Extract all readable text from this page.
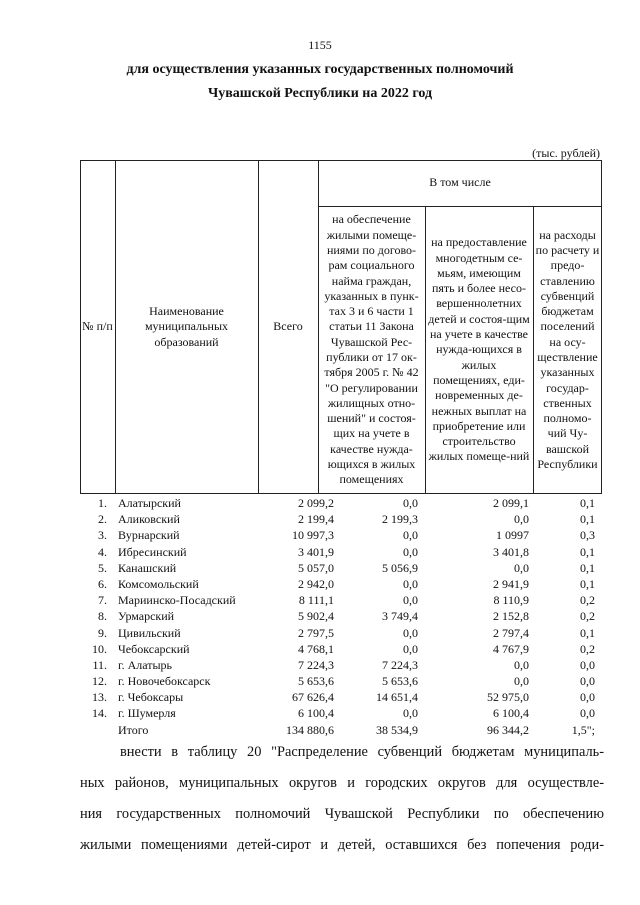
1155
для осуществления указанных государственных полномочий
Чувашской Республики на 2022 год
(тыс. рублей)
№ п/п
Наименование муниципальных образований
Всего
В том числе
на обеспечение жилыми помеще-ниями по догово-рам социального найма граждан, указанных в пунк-тах 3 и 6 части 1 статьи 11 Закона Чувашской Рес-публики от 17 ок-тября 2005 г. № 42 "О регулировании жилищных отно-шений" и состоя-щих на учете в качестве нужда-ющихся в жилых помещениях
на предоставление многодетным се-мьям, имеющим пять и более несо-вершеннолетних детей и состоя-щим на учете в качестве нужда-ющихся в жилых помещениях, еди-новременных де-нежных выплат на приобретение или строительство жилых помеще-ний
на расходы по расчету и предо-ставлению субвенций бюджетам поселений на осу-ществление указанных государ-ственных полномо-чий Чу-вашской Республики
1. Алатырский	2 099,2	0,0	2 099,1	0,1
2. Аликовский	2 199,4	2 199,3	0,0	0,1
3. Вурнарский	10 997,3	0,0	1 0997	0,3
4. Ибресинский	3 401,9	0,0	3 401,8	0,1
5. Канашский	5 057,0	5 056,9	0,0	0,1
6. Комсомольский	2 942,0	0,0	2 941,9	0,1
7. Мариинско-Посадский	8 111,1	0,0	8 110,9	0,2
8. Урмарский	5 902,4	3 749,4	2 152,8	0,2
9. Цивильский	2 797,5	0,0	2 797,4	0,1
10. Чебоксарский	4 768,1	0,0	4 767,9	0,2
11. г. Алатырь	7 224,3	7 224,3	0,0	0,0
12. г. Новочебоксарск	5 653,6	5 653,6	0,0	0,0
13. г. Чебоксары	67 626,4	14 651,4	52 975,0	0,0
14. г. Шумерля	6 100,4	0,0	6 100,4	0,0
Итого	134 880,6	38 534,9	96 344,2	1,5";
внести в таблицу 20 "Распределение субвенций бюджетам муниципаль-
ных районов, муниципальных округов и городских округов для осуществле-
ния государственных полномочий Чувашской Республики по обеспечению
жилыми помещениями детей-сирот и детей, оставшихся без попечения роди-
